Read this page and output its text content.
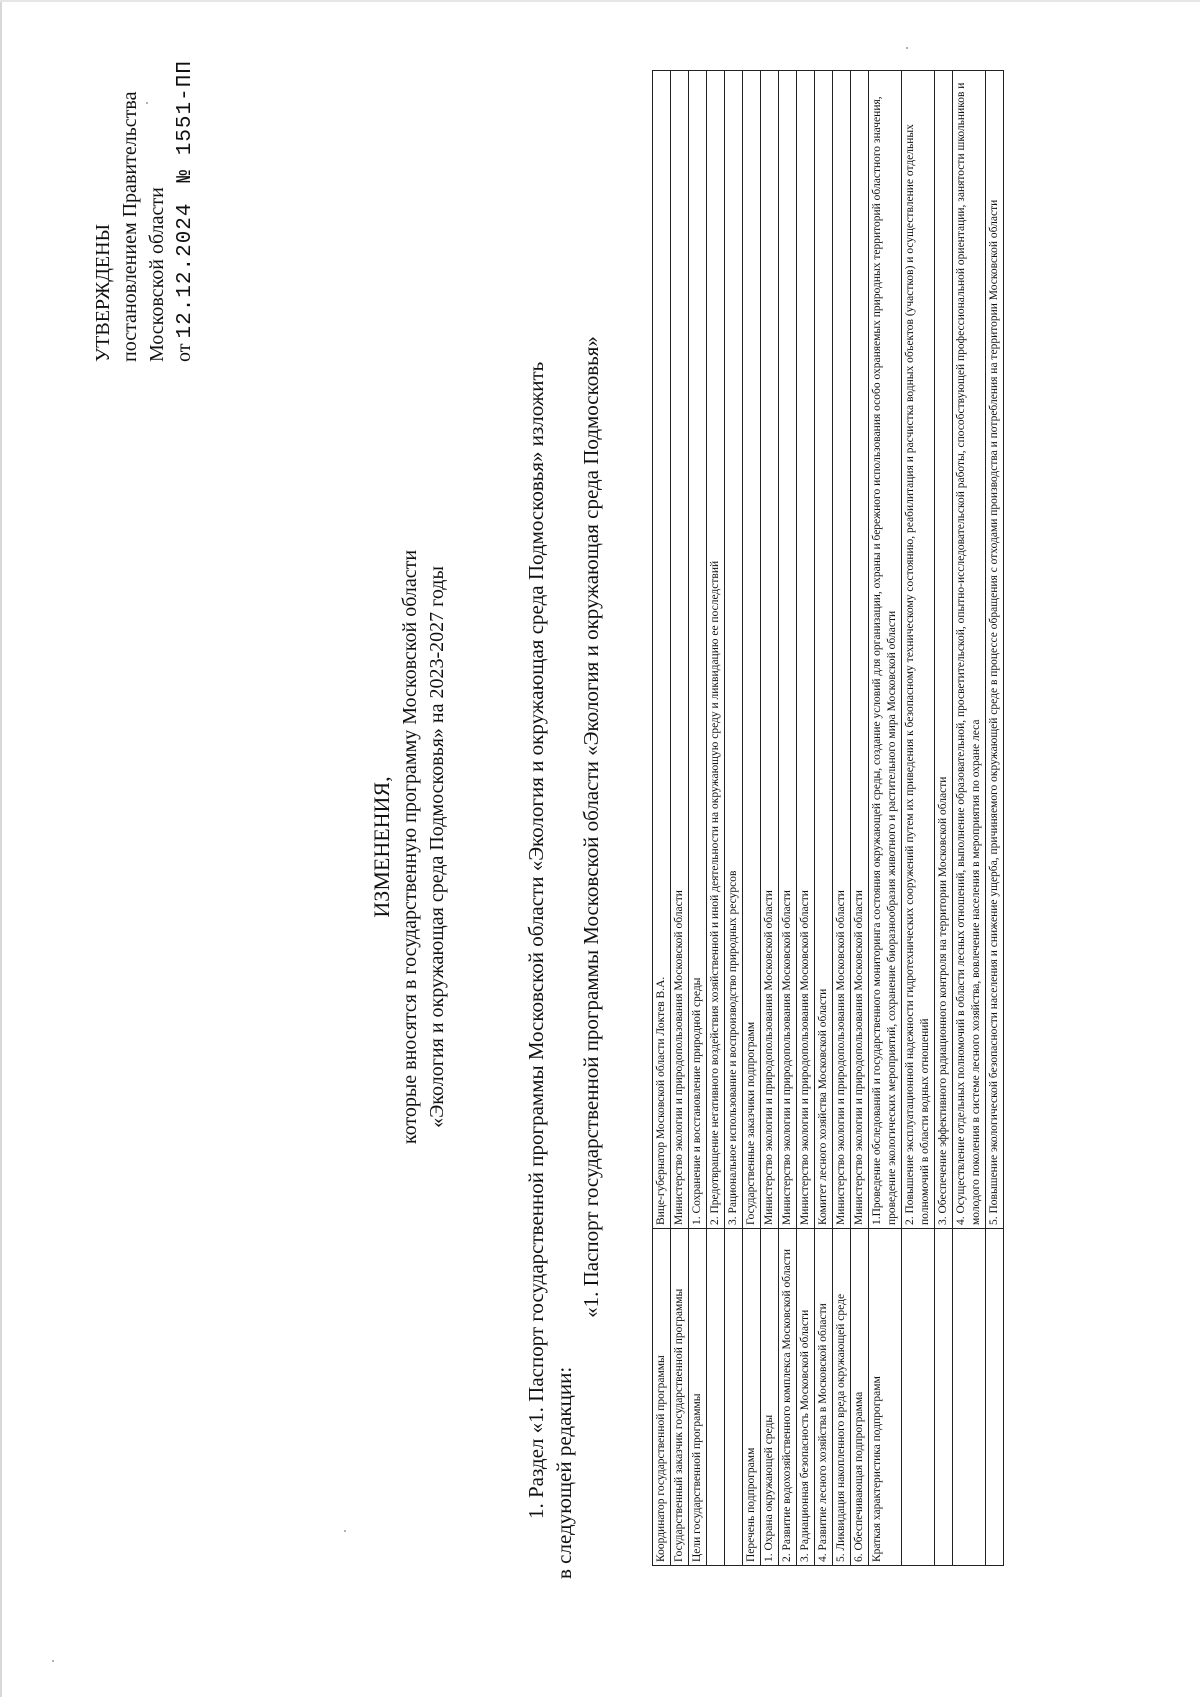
УТВЕРЖДЕНЫ постановлением Правительства Московской области от 12.12.2024    № 1551-ПП
ИЗМЕНЕНИЯ, которые вносятся в государственную программу Московской области «Экология и окружающая среда Подмосковья» на 2023-2027 годы	1. Раздел «1. Паспорт государственной программы Московской области «Экология и окружающая среда Подмосковья» изложить в следующей редакции:
«1. Паспорт государственной программы Московской области «Экология и окружающая среда Подмосковья»
Координатор государственной программы	Вице-губернатор Московской области Локтев В.А.
Государственный заказчик государственной программы	Министерство экологии и природопользования Московской области
Цели государственной программы	1. Сохранение и восстановление природной среды
	2. Предотвращение негативного воздействия хозяйственной и иной деятельности на окружающую среду и ликвидацию ее последствий
	3. Рациональное использование и воспроизводство природных ресурсов
Перечень подпрограмм	Государственные заказчики подпрограмм
1. Охрана окружающей среды	Министерство экологии и природопользования Московской области
2. Развитие водохозяйственного комплекса Московской области	Министерство экологии и природопользования Московской области
3. Радиационная безопасность Московской области	Министерство экологии и природопользования Московской области
4. Развитие лесного хозяйства в Московской области	Комитет лесного хозяйства Московской области
5. Ликвидация накопленного вреда окружающей среде	Министерство экологии и природопользования Московской области
6. Обеспечивающая подпрограмма	Министерство экологии и природопользования Московской области
Краткая характеристика подпрограмм	1.Проведение обследований и государственного мониторинга состояния окружающей среды, создание условий для организации, охраны и бережного использования особо охраняемых природных территорий областного значения, проведение экологических мероприятий, сохранение биоразнообразия животного и растительного мира Московской области
	2. Повышение эксплуатационной надежности гидротехнических сооружений путем их приведения к безопасному техническому состоянию, реабилитация и расчистка водных объектов (участков) и осуществление отдельных полномочий в области водных отношений
	3. Обеспечение эффективного радиационного контроля на территории Московской области
	4. Осуществление отдельных полномочий в области лесных отношений, выполнение образовательной, просветительской, опытно-исследовательской работы, способствующей профессиональной ориентации, занятости школьников и молодого поколения в системе лесного хозяйства, вовлечение населения в мероприятия по охране леса
	5. Повышение экологической безопасности населения и снижение ущерба, причиняемого окружающей среде в процессе обращения с отходами производства и потребления на территории Московской области
